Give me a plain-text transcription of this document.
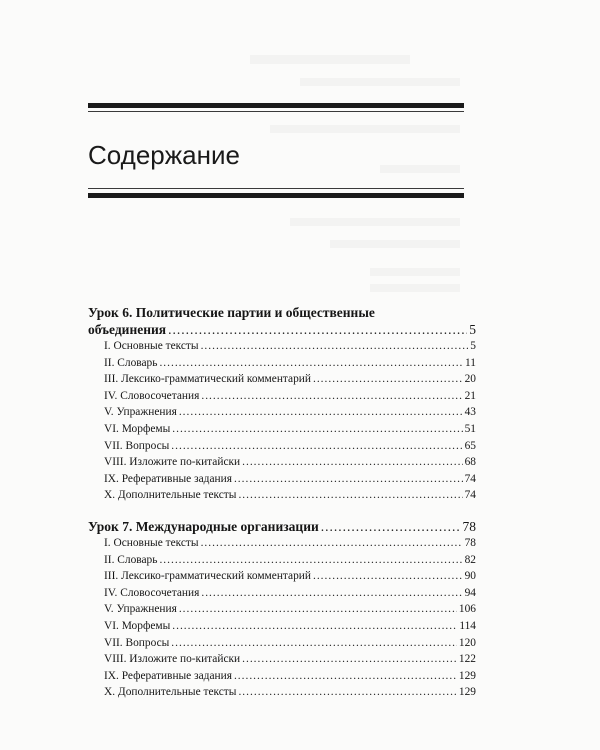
Содержание
Урок 6. Политические партии и общественные
объединения .....	5
I. Основные тексты .....	5
II. Словарь .....	11
III. Лексико-грамматический комментарий .....	20
IV. Словосочетания .....	21
V. Упражнения .....	43
VI. Морфемы .....	51
VII. Вопросы .....	65
VIII. Изложите по-китайски .....	68
IX. Реферативные задания .....	74
X. Дополнительные тексты .....	74
Урок 7. Международные организации .....	78
I. Основные тексты .....	78
II. Словарь .....	82
III. Лексико-грамматический комментарий .....	90
IV. Словосочетания .....	94
V. Упражнения .....	106
VI. Морфемы .....	114
VII. Вопросы .....	120
VIII. Изложите по-китайски .....	122
IX. Реферативные задания .....	129
X. Дополнительные тексты .....	129
